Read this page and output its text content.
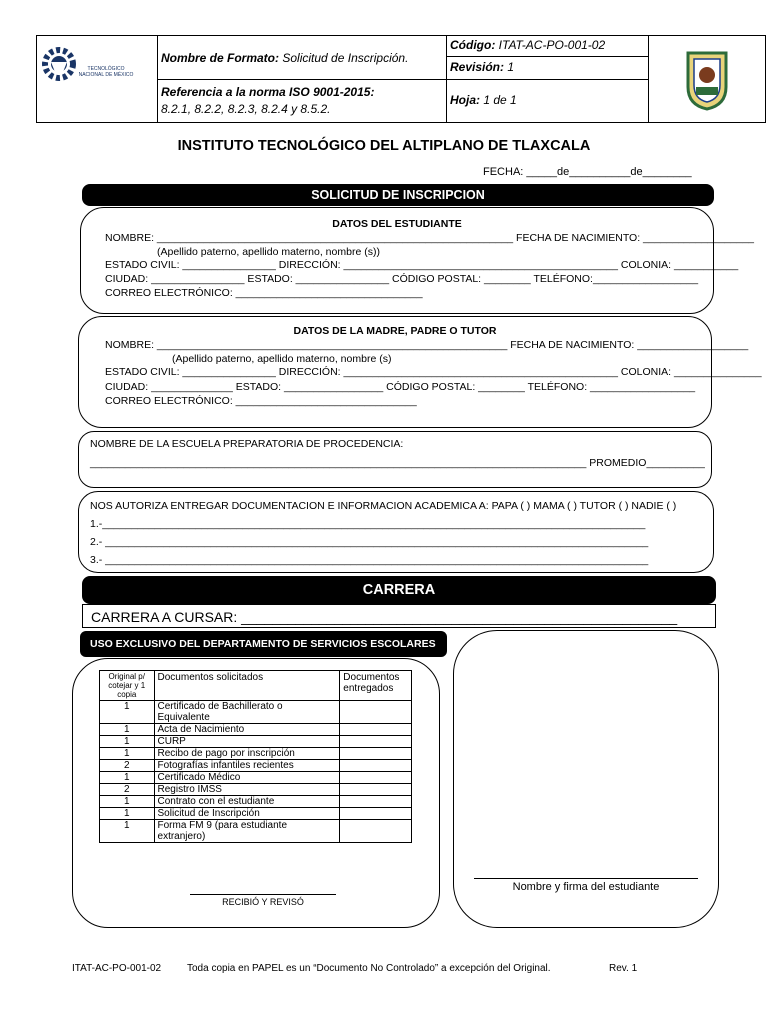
TECNOLÓGICO
NACIONAL DE MÉXICO
Nombre de Formato: Solicitud de Inscripción.
Referencia a la norma ISO 9001-2015:
8.2.1, 8.2.2, 8.2.3, 8.2.4 y 8.5.2.
Código: ITAT-AC-PO-001-02
Revisión: 1
Hoja: 1 de 1
INSTITUTO TECNOLÓGICO DEL ALTIPLANO DE TLAXCALA
FECHA: _____de__________de________
SOLICITUD DE INSCRIPCION
DATOS DEL ESTUDIANTE
NOMBRE: _____________________________________________________________ FECHA DE NACIMIENTO: ___________________
(Apellido paterno, apellido materno, nombre (s))
ESTADO CIVIL: ________________ DIRECCIÓN: _______________________________________________ COLONIA: ___________
CIUDAD: ________________ ESTADO: ________________ CÓDIGO POSTAL: ________ TELÉFONO:__________________
CORREO ELECTRÓNICO: ________________________________
DATOS DE LA MADRE, PADRE O TUTOR
NOMBRE: ____________________________________________________________ FECHA DE NACIMIENTO: ___________________
(Apellido paterno, apellido materno, nombre (s)
ESTADO CIVIL: ________________ DIRECCIÓN: _______________________________________________ COLONIA: _______________
CIUDAD: ______________ ESTADO: _________________ CÓDIGO POSTAL: ________ TELÉFONO: __________________
CORREO ELECTRÓNICO: _______________________________
NOMBRE DE LA ESCUELA PREPARATORIA DE PROCEDENCIA:
_____________________________________________________________________________________ PROMEDIO__________
NOS AUTORIZA ENTREGAR DOCUMENTACION E INFORMACION ACADEMICA A: PAPA ( ) MAMA ( ) TUTOR ( ) NADIE ( )
1.-_____________________________________________________________________________________________
2.- _____________________________________________________________________________________________
3.- _____________________________________________________________________________________________
CARRERA
CARRERA A CURSAR: ________________________________________________________
USO EXCLUSIVO DEL DEPARTAMENTO DE SERVICIOS ESCOLARES
Original p/ cotejar y 1 copia	Documentos solicitados	Documentos entregados
1	Certificado de Bachillerato o Equivalente	
1	Acta de Nacimiento	
1	CURP	
1	Recibo de pago por inscripción	
2	Fotografías infantiles recientes	
1	Certificado Médico	
2	Registro IMSS	
1	Contrato con el estudiante	
1	Solicitud de Inscripción	
1	Forma FM 9 (para estudiante extranjero)	
RECIBIÓ Y REVISÓ
Nombre y firma del estudiante
ITAT-AC-PO-001-02	Toda copia en PAPEL es un “Documento No Controlado” a excepción del Original.	Rev. 1
